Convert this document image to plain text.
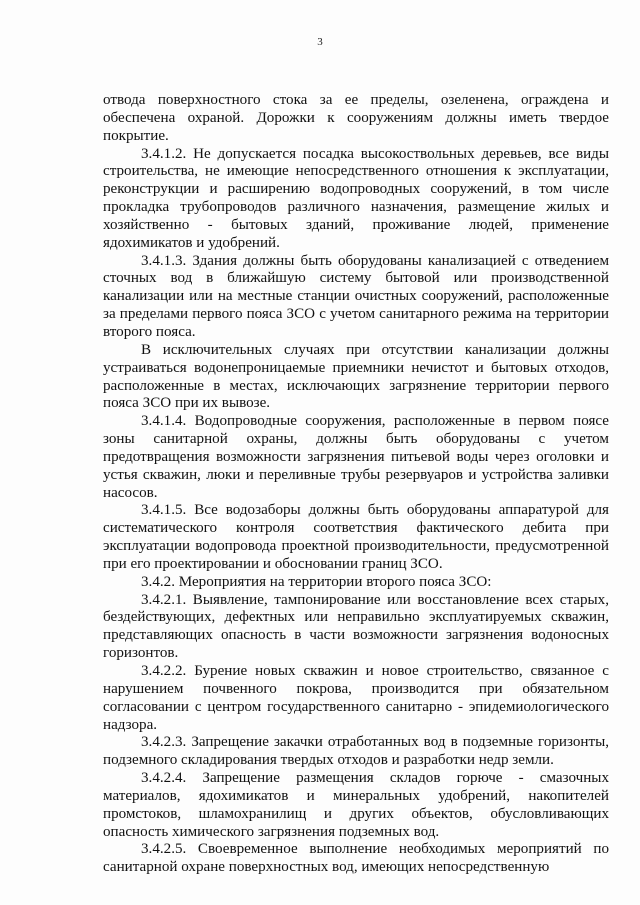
3

отвода поверхностного стока за ее пределы, озеленена, ограждена и обеспечена охраной. Дорожки к сооружениям должны иметь твердое покрытие.

3.4.1.2. Не допускается посадка высокоствольных деревьев, все виды строительства, не имеющие непосредственного отношения к эксплуатации, реконструкции и расширению водопроводных сооружений, в том числе прокладка трубопроводов различного назначения, размещение жилых и хозяйственно - бытовых зданий, проживание людей, применение ядохимикатов и удобрений.

3.4.1.3. Здания должны быть оборудованы канализацией с отведением сточных вод в ближайшую систему бытовой или производственной канализации или на местные станции очистных сооружений, расположенные за пределами первого пояса ЗСО с учетом санитарного режима на территории второго пояса.

В исключительных случаях при отсутствии канализации должны устраиваться водонепроницаемые приемники нечистот и бытовых отходов, расположенные в местах, исключающих загрязнение территории первого пояса ЗСО при их вывозе.

3.4.1.4. Водопроводные сооружения, расположенные в первом поясе зоны санитарной охраны, должны быть оборудованы с учетом предотвращения возможности загрязнения питьевой воды через оголовки и устья скважин, люки и переливные трубы резервуаров и устройства заливки насосов.

3.4.1.5. Все водозаборы должны быть оборудованы аппаратурой для систематического контроля соответствия фактического дебита при эксплуатации водопровода проектной производительности, предусмотренной при его проектировании и обосновании границ ЗСО.

3.4.2. Мероприятия на территории второго пояса ЗСО:

3.4.2.1. Выявление, тампонирование или восстановление всех старых, бездействующих, дефектных или неправильно эксплуатируемых скважин, представляющих опасность в части возможности загрязнения водоносных горизонтов.

3.4.2.2. Бурение новых скважин и новое строительство, связанное с нарушением почвенного покрова, производится при обязательном согласовании с центром государственного санитарно - эпидемиологического надзора.

3.4.2.3. Запрещение закачки отработанных вод в подземные горизонты, подземного складирования твердых отходов и разработки недр земли.

3.4.2.4. Запрещение размещения складов горюче - смазочных материалов, ядохимикатов и минеральных удобрений, накопителей промстоков, шламохранилищ и других объектов, обусловливающих опасность химического загрязнения подземных вод.

3.4.2.5. Своевременное выполнение необходимых мероприятий по санитарной охране поверхностных вод, имеющих непосредственную
